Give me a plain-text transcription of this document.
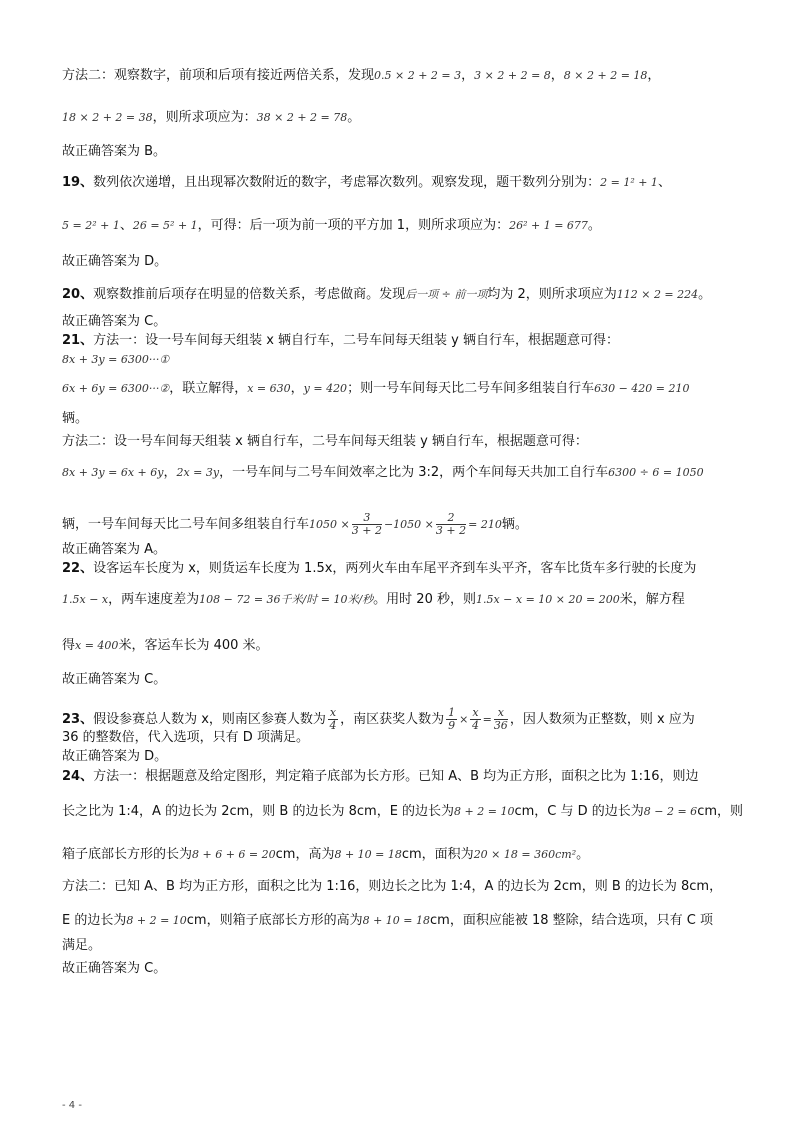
方法二：观察数字，前项和后项有接近两倍关系，发现0.5 × 2 + 2 = 3，3 × 2 + 2 = 8，8 × 2 + 2 = 18，
18 × 2 + 2 = 38，则所求项应为：38 × 2 + 2 = 78。
故正确答案为 B。
19、数列依次递增，且出现幂次数附近的数字，考虑幂次数列。观察发现，题干数列分别为：2 = 1² + 1、
5 = 2² + 1、26 = 5² + 1，可得：后一项为前一项的平方加 1，则所求项应为：26² + 1 = 677。
故正确答案为 D。
20、观察数推前后项存在明显的倍数关系，考虑做商。发现后一项 ÷ 前一项均为 2，则所求项应为112 × 2 = 224。
故正确答案为 C。
21、方法一：设一号车间每天组装 x 辆自行车，二号车间每天组装 y 辆自行车，根据题意可得：
8x + 3y = 6300···①
6x + 6y = 6300···②，联立解得，x = 630，y = 420；则一号车间每天比二号车间多组装自行车630 − 420 = 210
辆。
方法二：设一号车间每天组装 x 辆自行车，二号车间每天组装 y 辆自行车，根据题意可得：
8x + 3y = 6x + 6y，2x = 3y，一号车间与二号车间效率之比为 3:2，两个车间每天共加工自行车6300 ÷ 6 = 1050
辆，一号车间每天比二号车间多组装自行车$1050 \times \frac{3}{3 + 2} -1050 \times \frac{2}{3 + 2} = 210$辆。
故正确答案为 A。
22、设客运车长度为 x，则货运车长度为 1.5x，两列火车由车尾平齐到车头平齐，客车比货车多行驶的长度为
1.5x − x，两车速度差为108 − 72 = 36千米/时 = 10米/秒。用时 20 秒，则1.5x − x = 10 × 20 = 200米，解方程
得x = 400米，客运车长为 400 米。
故正确答案为 C。
23、假设参赛总人数为 x，则南区参赛人数为 $\frac{x}{4}$ ，南区获奖人数为 $\frac{1}{9} \times \frac{x}{4} = \frac{x}{36}$ ，因人数须为正整数，则 x 应为
36 的整数倍，代入选项，只有 D 项满足。
故正确答案为 D。
24、方法一：根据题意及给定图形，判定箱子底部为长方形。已知 A、B 均为正方形，面积之比为 1:16，则边
长之比为 1:4，A 的边长为 2cm，则 B 的边长为 8cm，E 的边长为8 + 2 = 10cm，C 与 D 的边长为8 − 2 = 6cm，则
箱子底部长方形的长为8 + 6 + 6 = 20cm，高为8 + 10 = 18cm，面积为20 × 18 = 360cm²。
方法二：已知 A、B 均为正方形，面积之比为 1:16，则边长之比为 1:4，A 的边长为 2cm，则 B 的边长为 8cm，
E 的边长为8 + 2 = 10cm，则箱子底部长方形的高为8 + 10 = 18cm，面积应能被 18 整除，结合选项，只有 C 项
满足。
故正确答案为 C。
- 4 -
